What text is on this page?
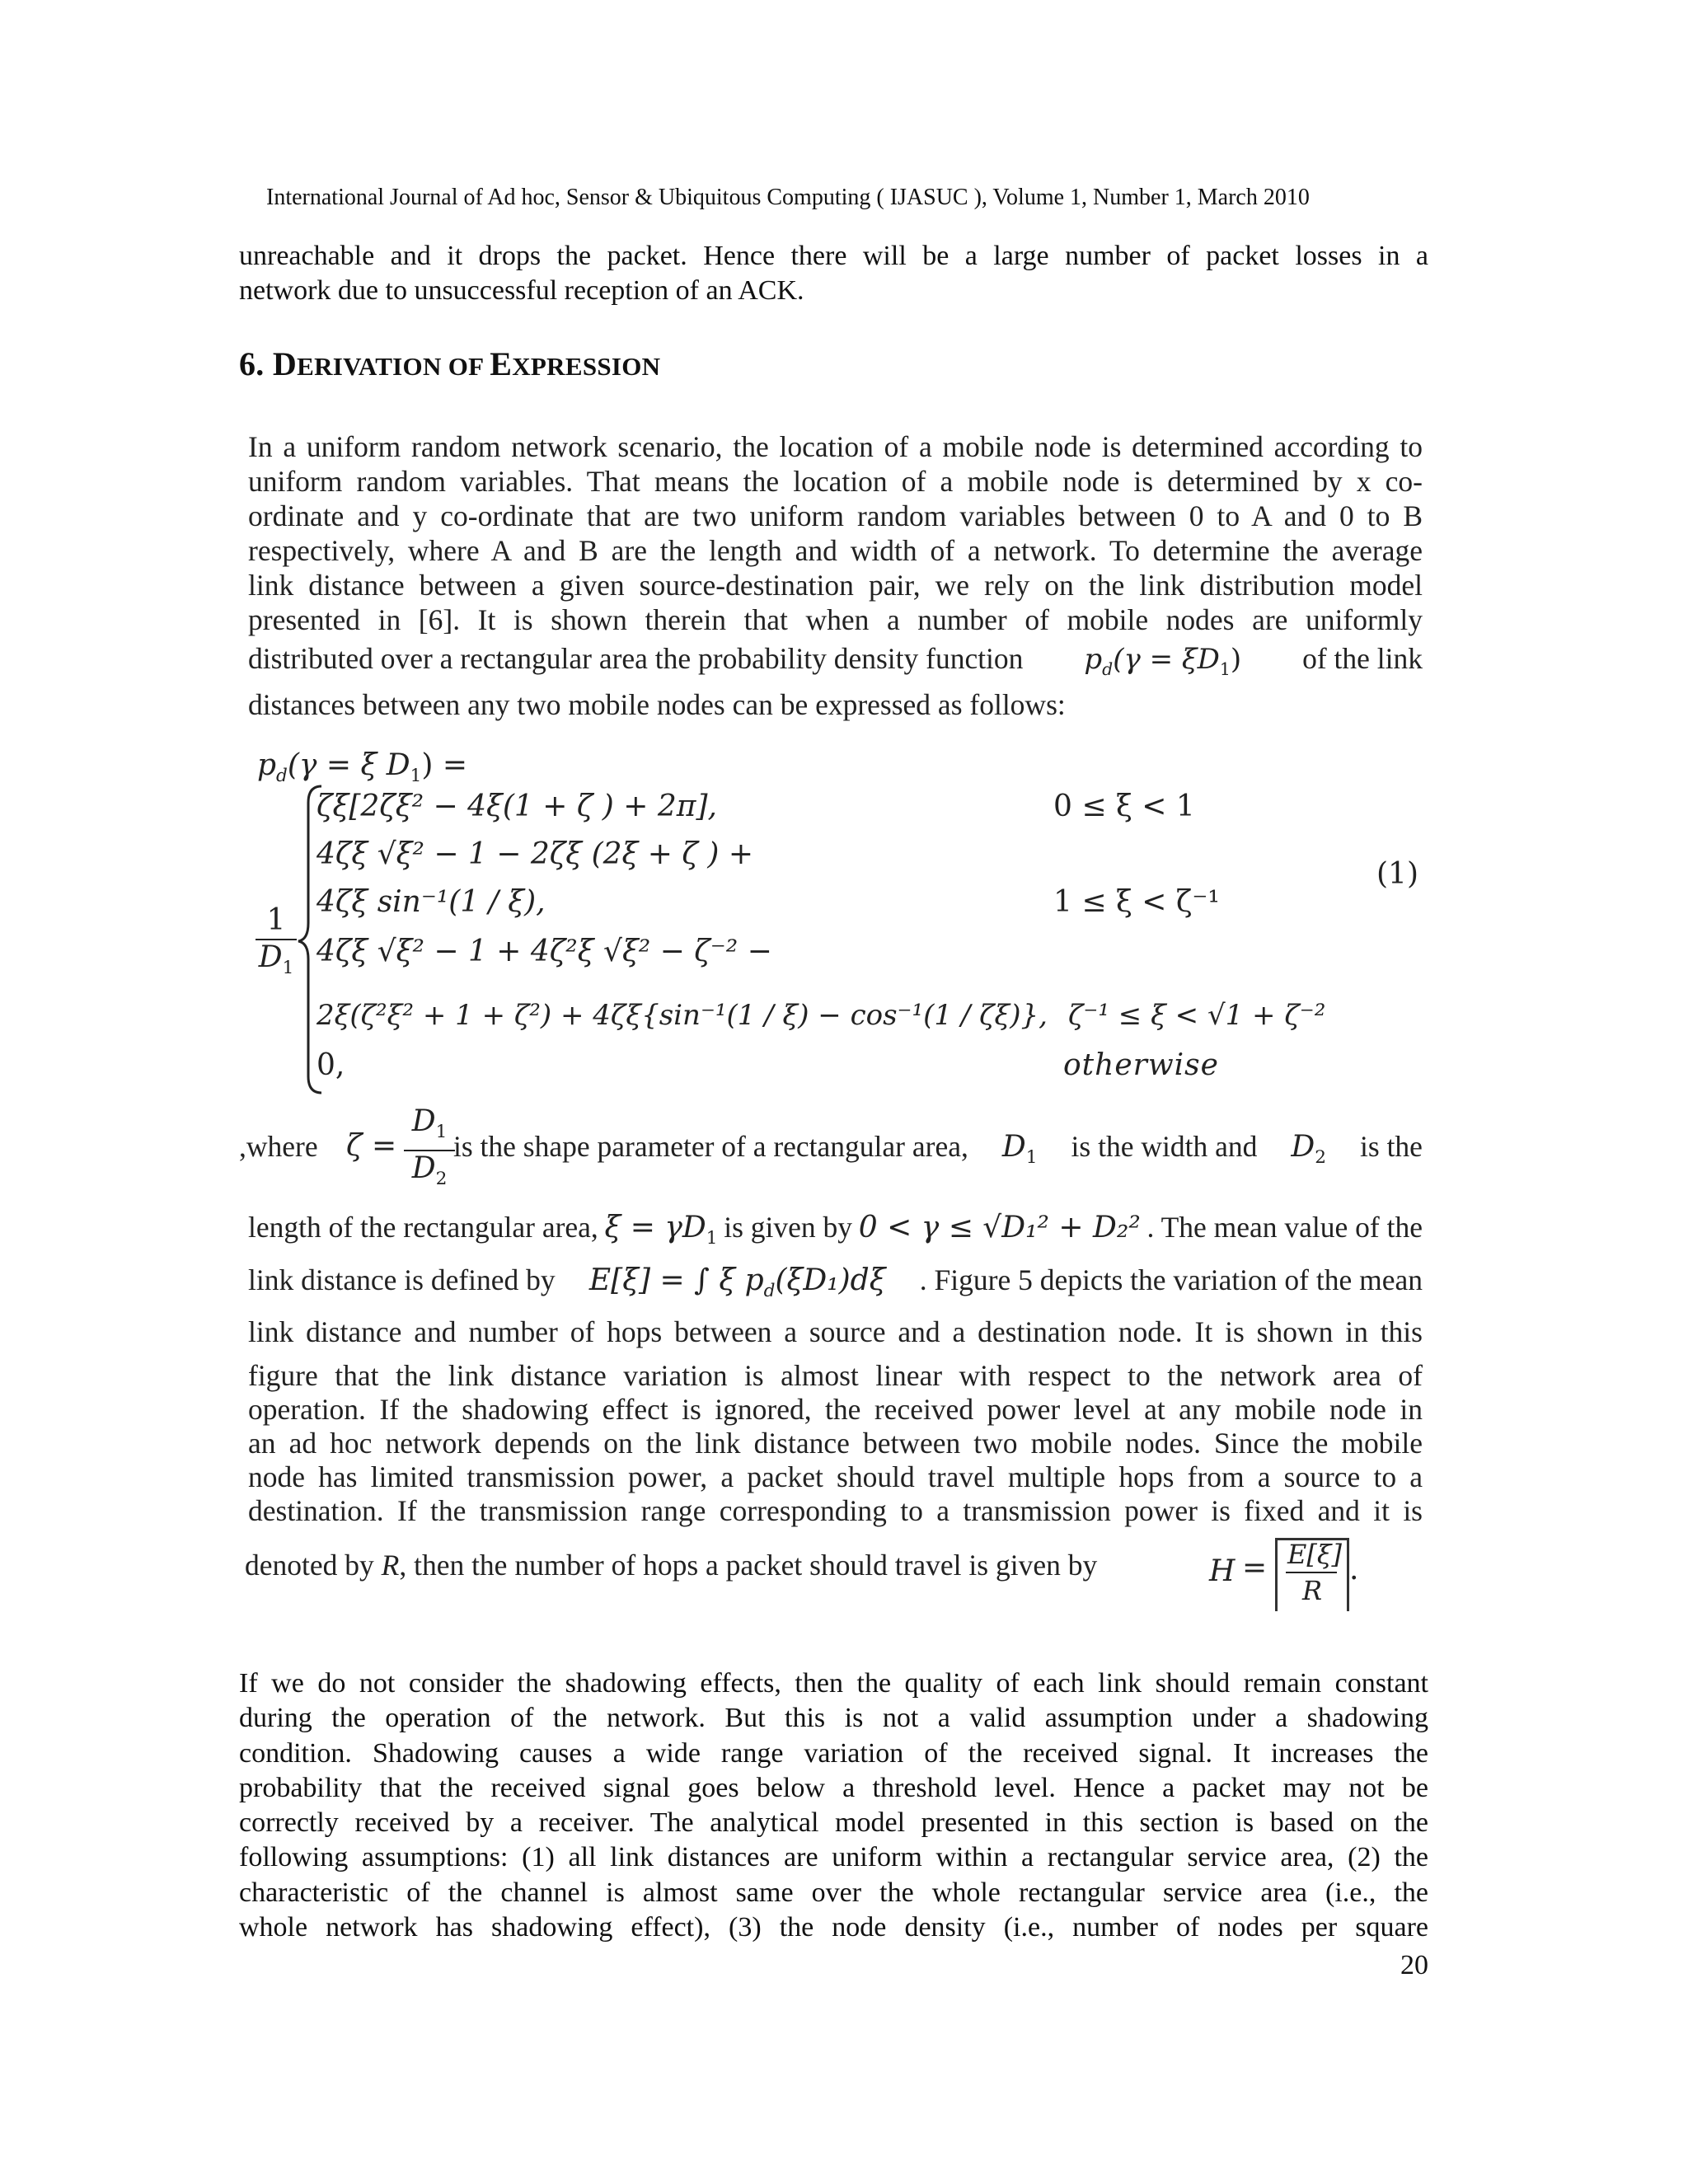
International Journal of Ad hoc, Sensor & Ubiquitous Computing ( IJASUC ), Volume 1, Number 1, March 2010
unreachable and it drops the packet. Hence there will be a large number of packet losses in a
network due to unsuccessful reception of an ACK.
6. DERIVATION OF EXPRESSION
In a uniform random network scenario, the location of a mobile node is determined according to
uniform random variables. That means the location of a mobile node is determined by x co-
ordinate and y co-ordinate that are two uniform random variables between 0 to A and 0 to B
respectively, where A and B are the length and width of a network. To determine the average
link distance between a given source-destination pair, we rely on the link distribution model
presented in [6]. It is shown therein that when a number of mobile nodes are uniformly
distributed over a rectangular area the probability density function $p_d(\gamma = \xi D_1)$ of the link
distances between any two mobile nodes can be expressed as follows:
$p_d(\gamma = \xi$ $D_1$) =
$\frac{1}{D_1}$
ζξ[2ζξ² − 4ξ(1 + ζ ) + 2π],	0 ≤ ξ < 1
4ζξ √ξ² − 1 − 2ζξ (2ξ + ζ ) +
(1)
4ζξ sin⁻¹(1 / ξ),	1 ≤ ξ < ζ⁻¹
4ζξ √ξ² − 1 + 4ζ²ξ √ξ² − ζ⁻² −
2ξ(ζ²ξ² + 1 + ζ²) + 4ζξ{sin⁻¹(1 / ξ) − cos⁻¹(1 / ζξ)}, ζ⁻¹ ≤ ξ < √1 + ζ⁻²
0,	otherwise
,where ζ =
$D_1$
$D_2$
is the shape parameter of a rectangular area, $D_1$ is the width and $D_2$ is the
length of the rectangular area, $\xi = \gamma D_1$ is given by 0 < γ ≤ √D₁² + D₂² . The mean value of the
link distance is defined by E[ξ] = ∫ ξ $p_d(\xi D_1)d\xi$ . Figure 5 depicts the variation of the mean
link distance and number of hops between a source and a destination node. It is shown in this
figure that the link distance variation is almost linear with respect to the network area of
operation. If the shadowing effect is ignored, the received power level at any mobile node in
an ad hoc network depends on the link distance between two mobile nodes. Since the mobile
node has limited transmission power, a packet should travel multiple hops from a source to a
destination. If the transmission range corresponding to a transmission power is fixed and it is
denoted by R, then the number of hops a packet should travel is given by	H = E[ξ]
R
.
If we do not consider the shadowing effects, then the quality of each link should remain constant
during the operation of the network. But this is not a valid assumption under a shadowing
condition. Shadowing causes a wide range variation of the received signal. It increases the
probability that the received signal goes below a threshold level. Hence a packet may not be
correctly received by a receiver. The analytical model presented in this section is based on the
following assumptions: (1) all link distances are uniform within a rectangular service area, (2) the
characteristic of the channel is almost same over the whole rectangular service area (i.e., the
whole network has shadowing effect), (3) the node density (i.e., number of nodes per square
20
